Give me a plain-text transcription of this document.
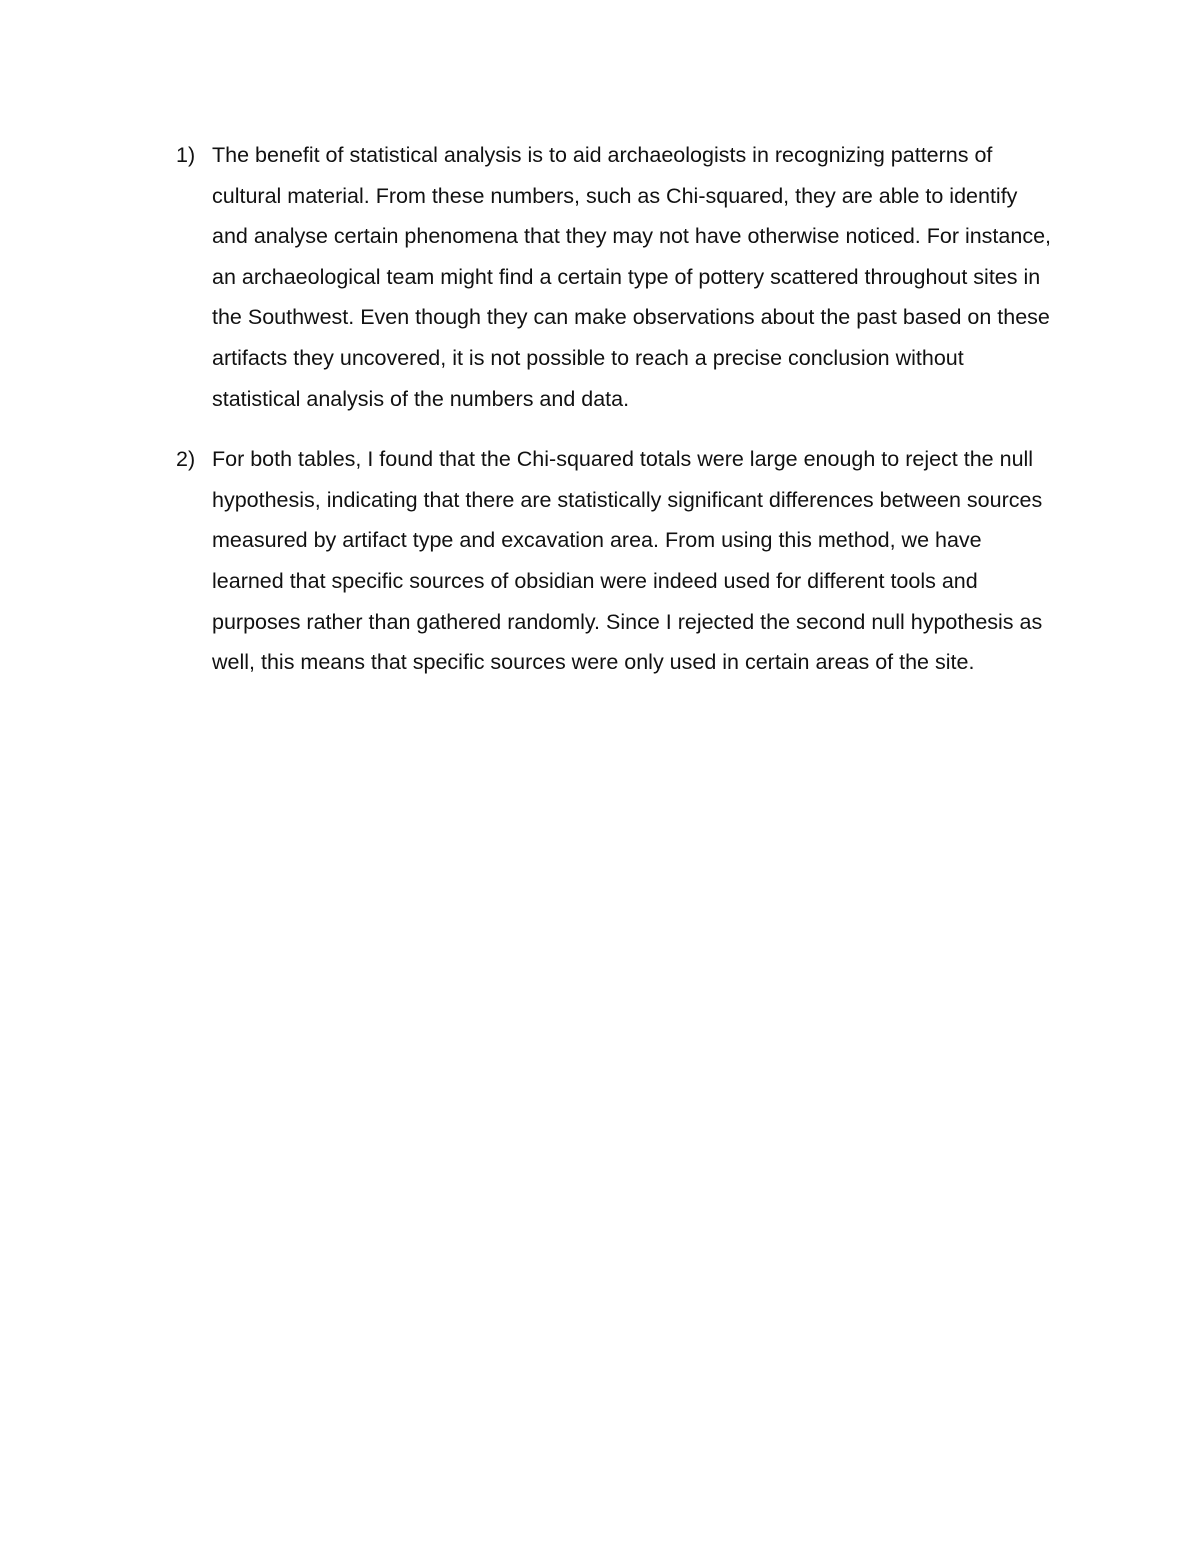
1) The benefit of statistical analysis is to aid archaeologists in recognizing patterns of cultural material. From these numbers, such as Chi-squared, they are able to identify and analyse certain phenomena that they may not have otherwise noticed. For instance, an archaeological team might find a certain type of pottery scattered throughout sites in the Southwest. Even though they can make observations about the past based on these artifacts they uncovered, it is not possible to reach a precise conclusion without statistical analysis of the numbers and data.

2) For both tables, I found that the Chi-squared totals were large enough to reject the null hypothesis, indicating that there are statistically significant differences between sources measured by artifact type and excavation area. From using this method, we have learned that specific sources of obsidian were indeed used for different tools and purposes rather than gathered randomly. Since I rejected the second null hypothesis as well, this means that specific sources were only used in certain areas of the site.
